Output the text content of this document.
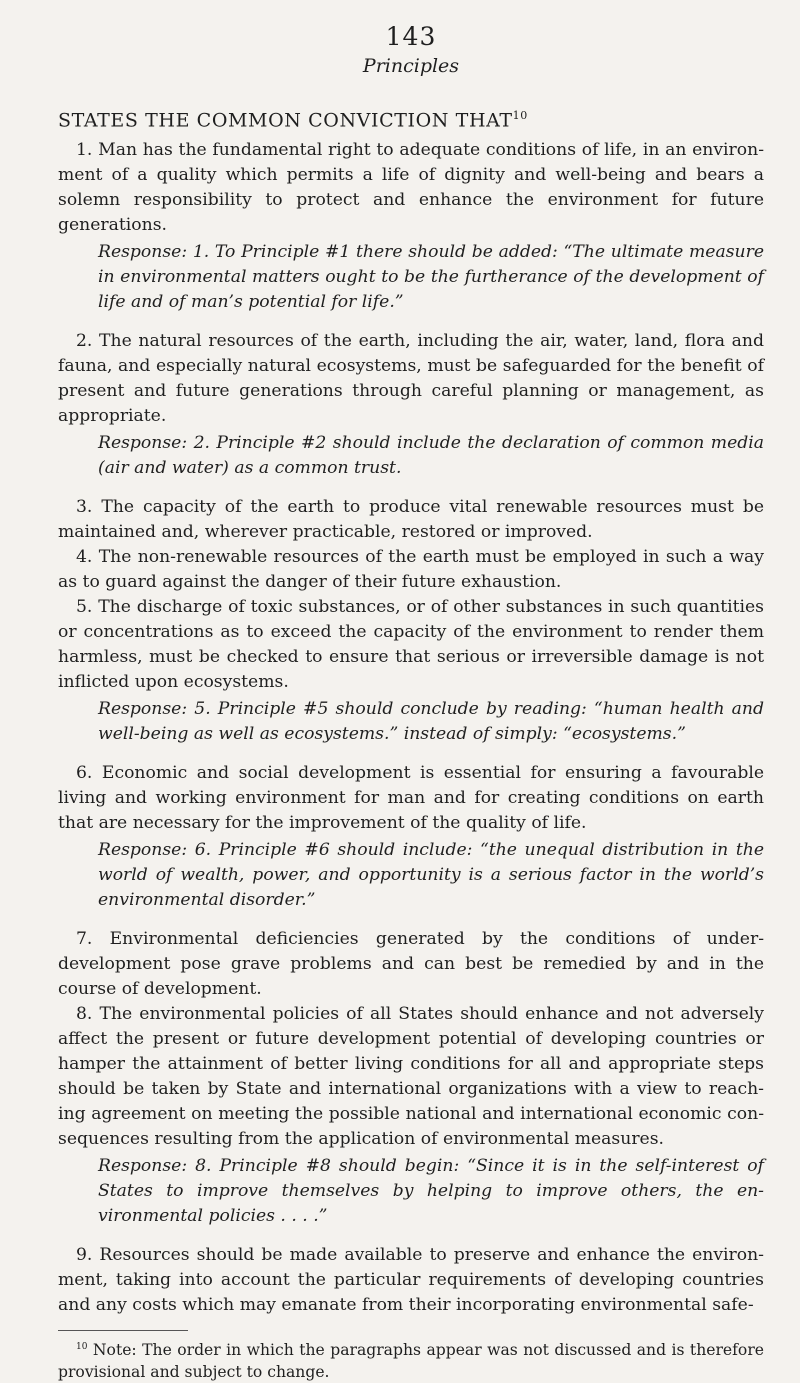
143
Principles
STATES THE COMMON CONVICTION THAT$^{10}$

1. Man has the fundamental right to adequate conditions of life, in an environ- ment of a quality which permits a life of dignity and well-being and bears a solemn responsibility to protect and enhance the environment for future generations.

Response: 1. To Principle #1 there should be added: “The ultimate measure in environmental matters ought to be the furtherance of the development of life and of man’s potential for life.”

2. The natural resources of the earth, including the air, water, land, flora and fauna, and especially natural ecosystems, must be safeguarded for the benefit of present and future generations through careful planning or management, as appropriate.

Response: 2. Principle #2 should include the declaration of common media (air and water) as a common trust.

3. The capacity of the earth to produce vital renewable resources must be maintained and, wherever practicable, restored or improved.

4. The non-renewable resources of the earth must be employed in such a way as to guard against the danger of their future exhaustion.

5. The discharge of toxic substances, or of other substances in such quantities or concentrations as to exceed the capacity of the environment to render them harmless, must be checked to ensure that serious or irreversible damage is not inflicted upon ecosystems.

Response: 5. Principle #5 should conclude by reading: “human health and well-being as well as ecosystems.” instead of simply: “ecosystems.”

6. Economic and social development is essential for ensuring a favourable living and working environment for man and for creating conditions on earth that are necessary for the improvement of the quality of life.

Response: 6. Principle #6 should include: “the unequal distribution in the world of wealth, power, and opportunity is a serious factor in the world’s environmental disorder.”

7. Environmental deficiencies generated by the conditions of under-development pose grave problems and can best be remedied by and in the course of development.

8. The environmental policies of all States should enhance and not adversely affect the present or future development potential of developing countries or hamper the attainment of better living conditions for all and appropriate steps should be taken by State and international organizations with a view to reach- ing agreement on meeting the possible national and international economic con- sequences resulting from the application of environmental measures.

Response: 8. Principle #8 should begin: “Since it is in the self-interest of States to improve themselves by helping to improve others, the en- vironmental policies . . . .”

9. Resources should be made available to preserve and enhance the environ- ment, taking into account the particular requirements of developing countries and any costs which may emanate from their incorporating environmental safe-

$^{10}$ Note: The order in which the paragraphs appear was not discussed and is therefore provisional and subject to change.
